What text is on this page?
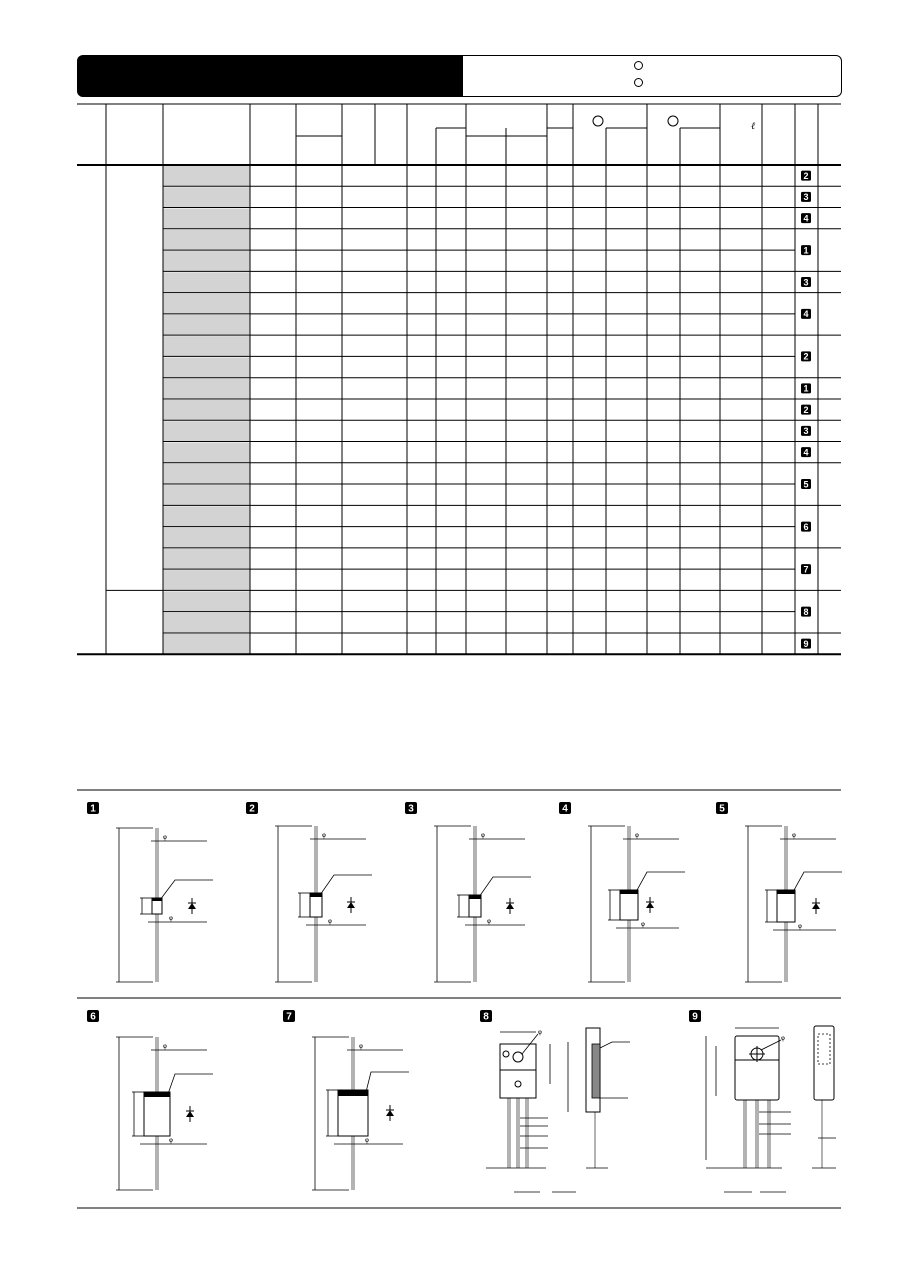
ℓ
2
3
4
1
3
4
2
1
2
3
4
5
6
7
8
9
1
φ
φ
2
φ
φ
3
φ
φ
4
φ
φ
5
φ
φ
6
φ
φ
7
φ
φ
8
φ
9
φ
